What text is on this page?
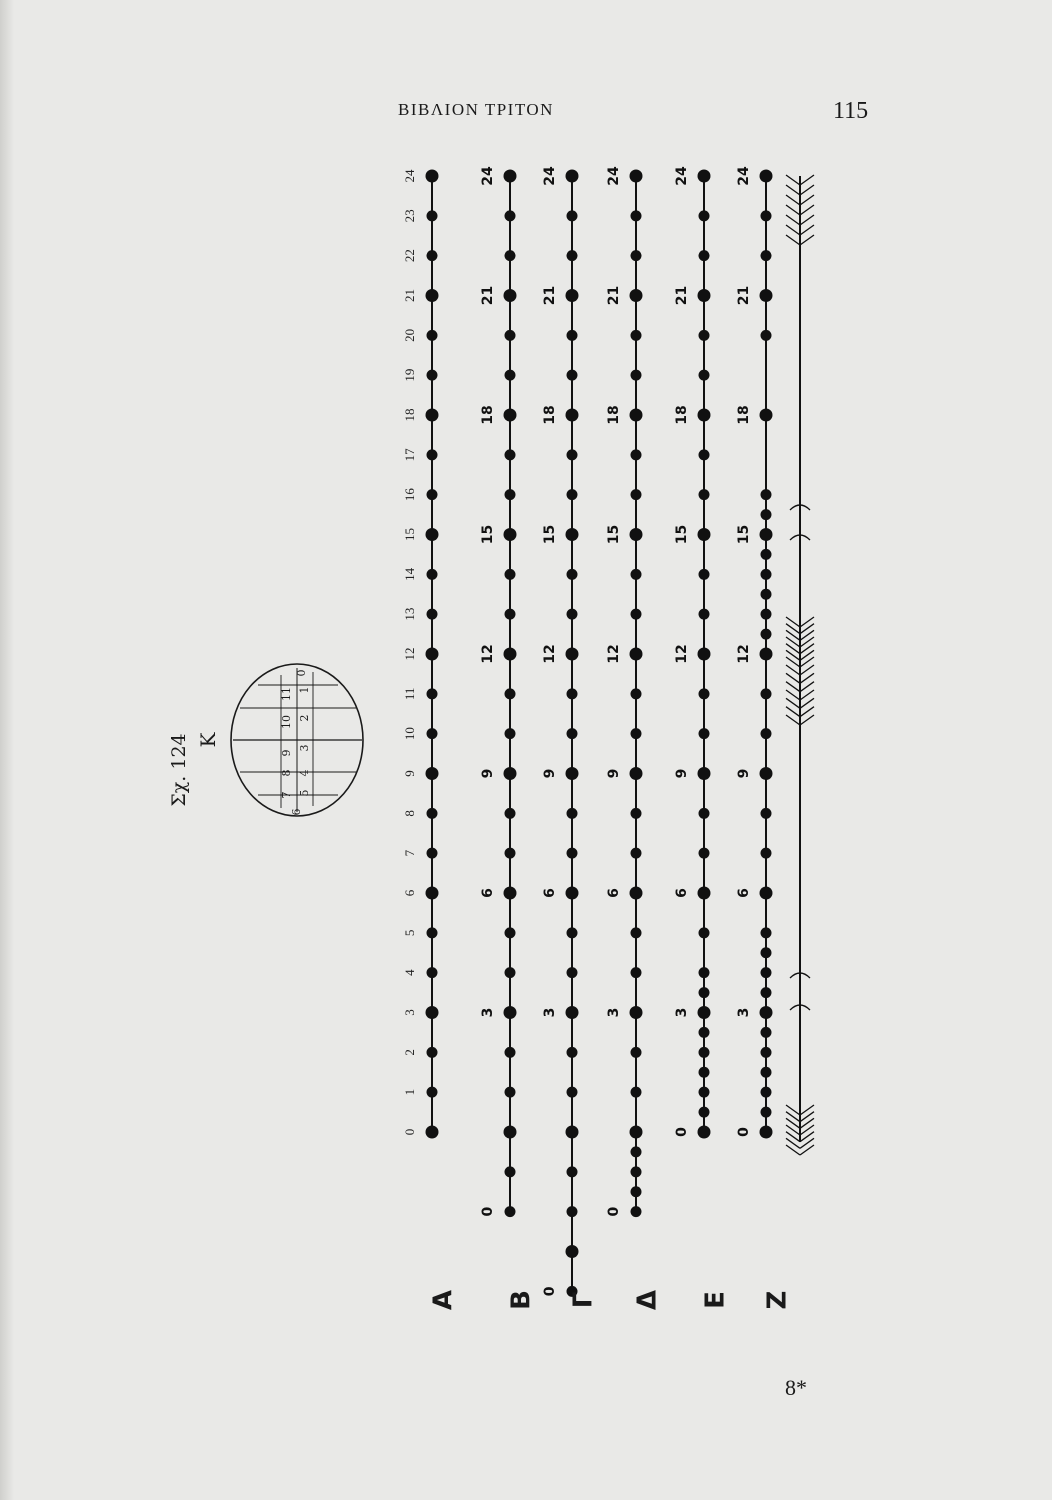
ΒΙΒΛΙΟΝ ΤΡΙΤΟΝ	115
Σχ. 124 Κ
6
7 5
8 4
9
3
10 2
11 1
0
Α
0
3
6
9
12
15
18
21
24
Β 0
3
6
9
12
15
18
21
24
Γ
0
3
6
9
12
15
18
21
24
Δ
0
3
6
9
12
15
18
21
24
Ε
0
3
6
9
12
15
18
21
24
Ζ
0
1
2
3
4
5
6
7
8
9
10
11
12
13
14
15
16
17
18
19
20
21
22
23
24
8*
